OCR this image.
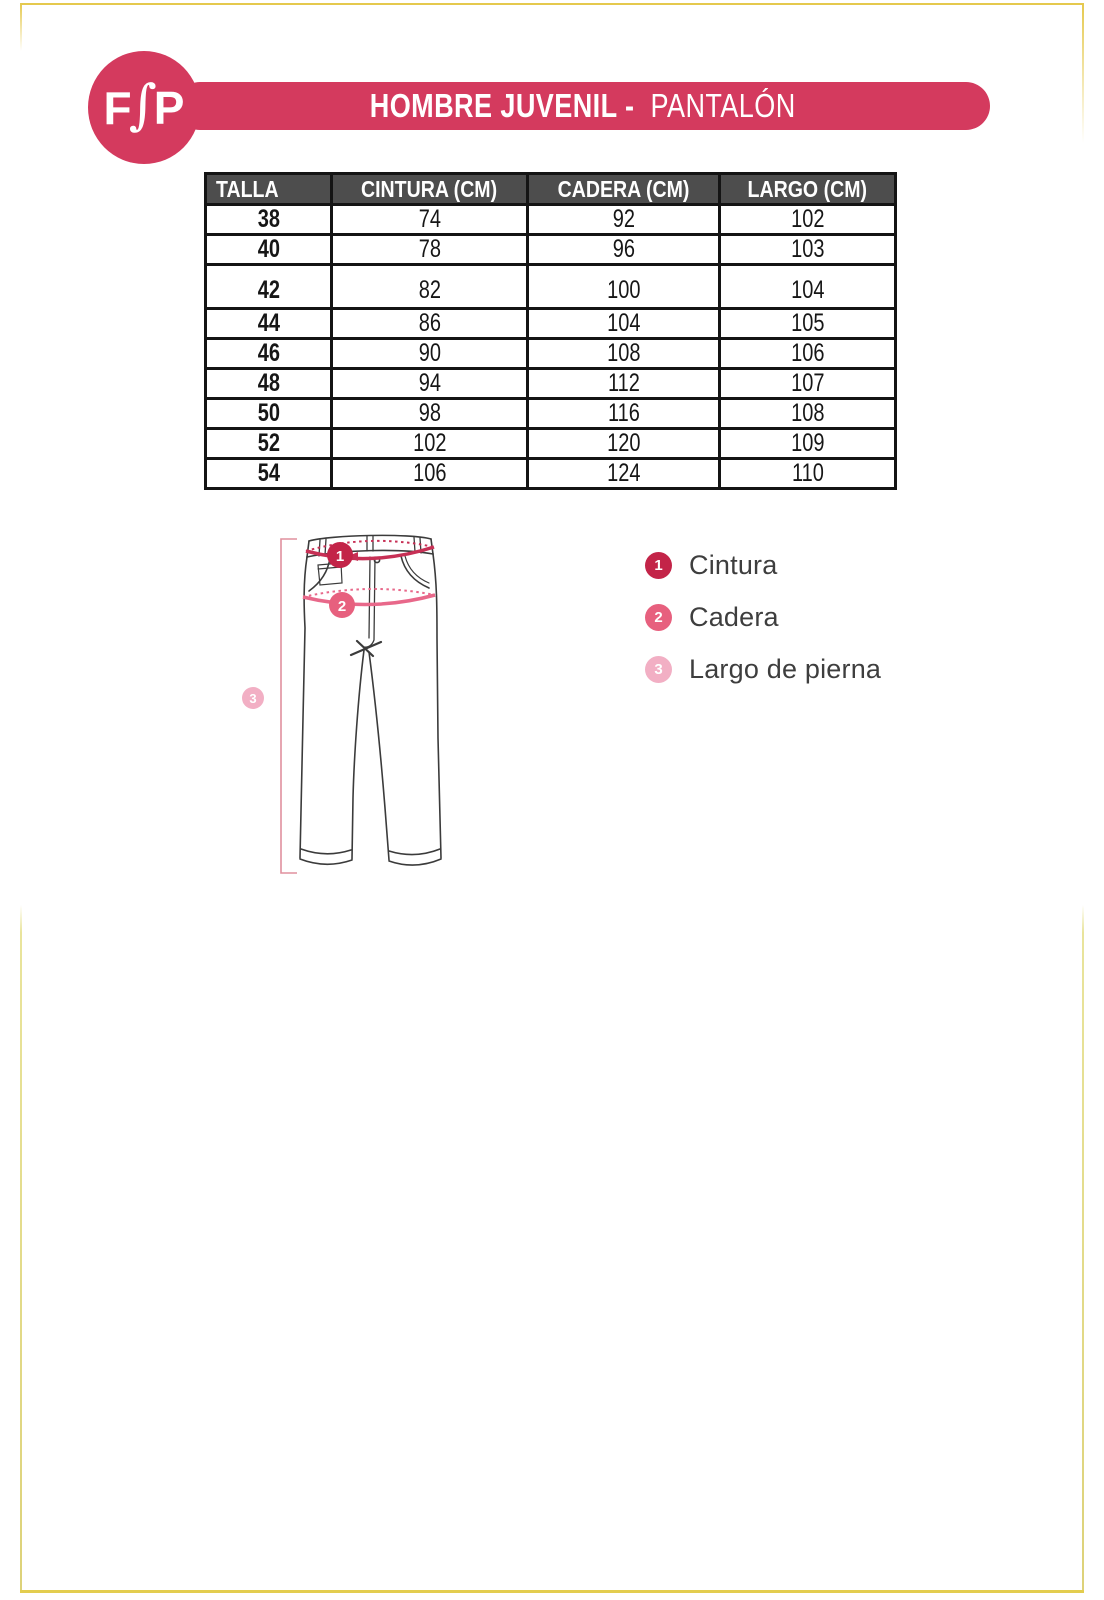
F
∫
P	HOMBRE JUVENIL - PANTALÓN
TALLA	CINTURA (CM)	CADERA (CM)	LARGO (CM)
38	74	92	102
40	78	96	103
42	82	100	104
44	86	104	105
46	90	108	106
48	94	112	107
50	98	116	108
52	102	120	109
54	106	124	110
1
2
3
1 Cintura
2 Cadera
3 Largo de pierna
